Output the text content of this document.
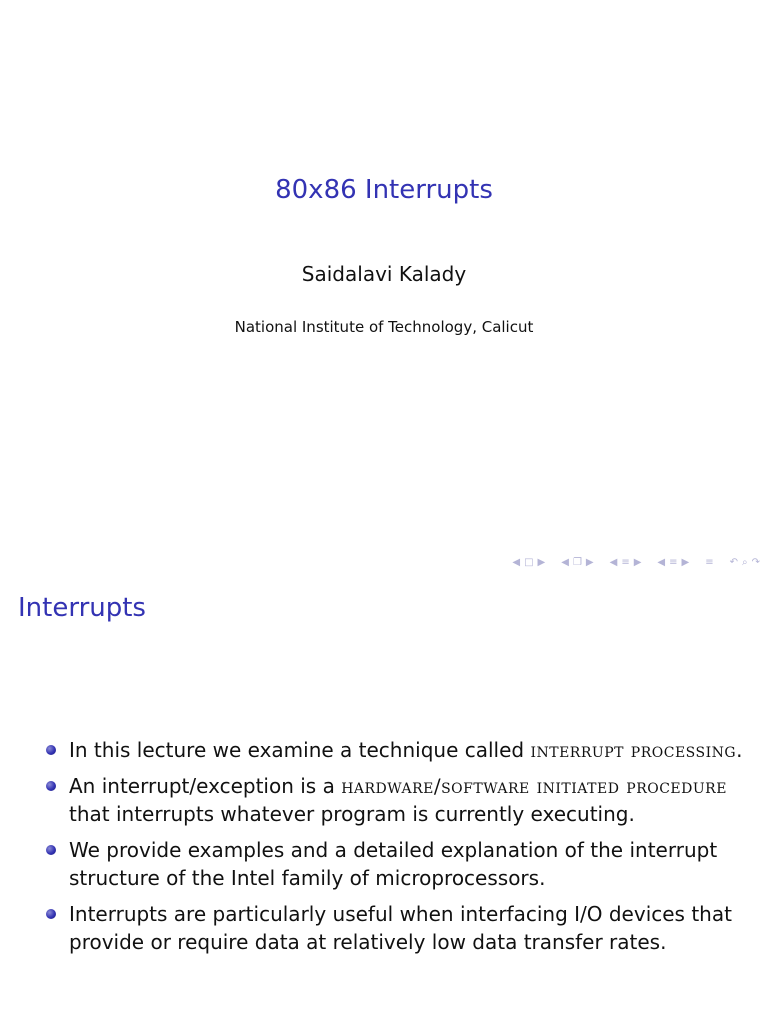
80x86 Interrupts
Saidalavi Kalady
National Institute of Technology, Calicut
◀ □ ▶ ◀ ❐ ▶ ◀ ≡ ▶ ◀ ≡ ▶ ≡ ↶ ⌕ ↷
Interrupts
In this lecture we examine a technique called interrupt processing.
An interrupt/exception is a hardware/software initiated procedure that interrupts whatever program is currently executing.
We provide examples and a detailed explanation of the interrupt structure of the Intel family of microprocessors.
Interrupts are particularly useful when interfacing I/O devices that provide or require data at relatively low data transfer rates.
